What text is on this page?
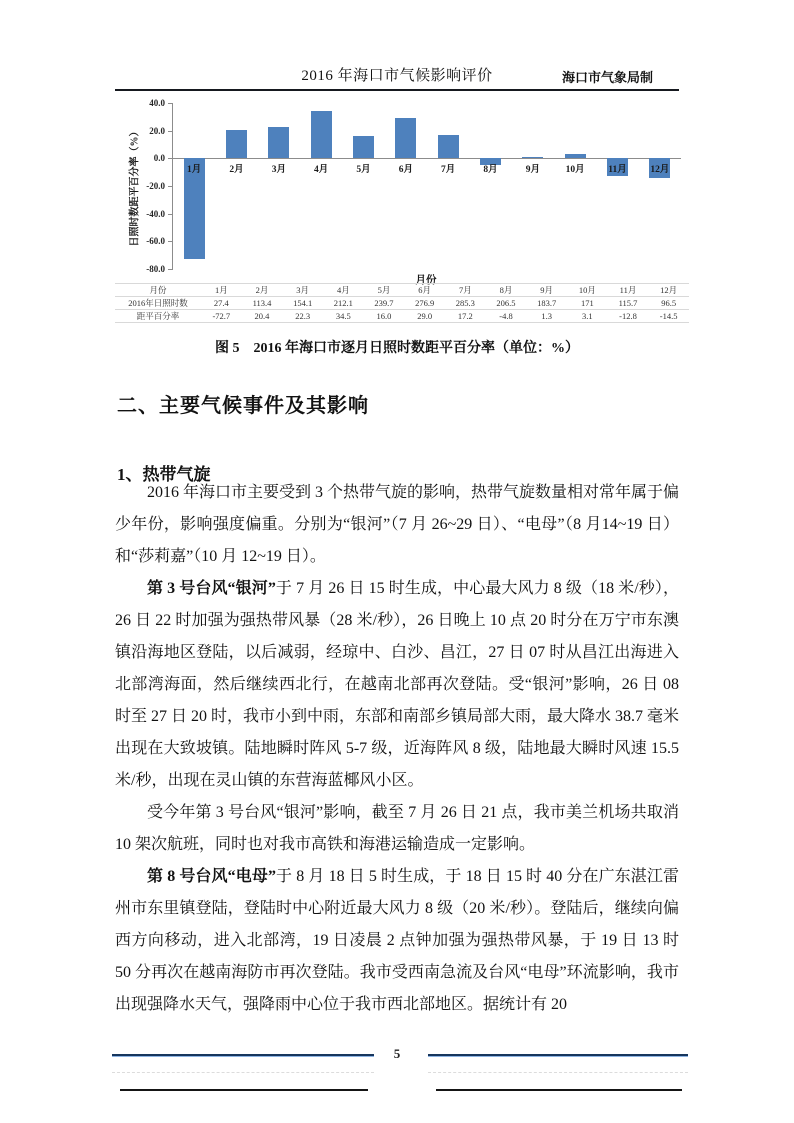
2016 年海口市气候影响评价	海口市气象局制
日照时数距平百分率（%）
40.0
20.0
0.0
-20.0
-40.0
-60.0
-80.0
1月	2月	3月	4月	5月	6月	7月	8月	9月	10月	11月	12月
月份
月份	1月	2月	3月	4月	5月	6月	7月	8月	9月	10月	11月	12月
2016年日照时数	27.4	113.4	154.1	212.1	239.7	276.9	285.3	206.5	183.7	171	115.7	96.5
距平百分率	-72.7	20.4	22.3	34.5	16.0	29.0	17.2	-4.8	1.3	3.1	-12.8	-14.5
图 5　2016 年海口市逐月日照时数距平百分率（单位：%）
二、主要气候事件及其影响
1、热带气旋

2016 年海口市主要受到 3 个热带气旋的影响，热带气旋数量相对常年属于偏少年份，影响强度偏重。分别为“银河”（7 月 26~29 日）、“电母”（8 月14~19 日）和“莎莉嘉”（10 月 12~19 日）。

第 3 号台风“银河”于 7 月 26 日 15 时生成，中心最大风力 8 级（18 米/秒），26 日 22 时加强为强热带风暴（28 米/秒），26 日晚上 10 点 20 时分在万宁市东澳镇沿海地区登陆，以后减弱，经琼中、白沙、昌江，27 日 07 时从昌江出海进入北部湾海面，然后继续西北行，在越南北部再次登陆。受“银河”影响，26 日 08 时至 27 日 20 时，我市小到中雨，东部和南部乡镇局部大雨，最大降水 38.7 毫米出现在大致坡镇。陆地瞬时阵风 5-7 级，近海阵风 8 级，陆地最大瞬时风速 15.5 米/秒，出现在灵山镇的东营海蓝椰风小区。

受今年第 3 号台风“银河”影响，截至 7 月 26 日 21 点，我市美兰机场共取消 10 架次航班，同时也对我市高铁和海港运输造成一定影响。

第 8 号台风“电母”于 8 月 18 日 5 时生成，于 18 日 15 时 40 分在广东湛江雷州市东里镇登陆，登陆时中心附近最大风力 8 级（20 米/秒）。登陆后，继续向偏西方向移动，进入北部湾，19 日凌晨 2 点钟加强为强热带风暴，于 19 日 13 时 50 分再次在越南海防市再次登陆。我市受西南急流及台风“电母”环流影响，我市出现强降水天气，强降雨中心位于我市西北部地区。据统计有 20

5
